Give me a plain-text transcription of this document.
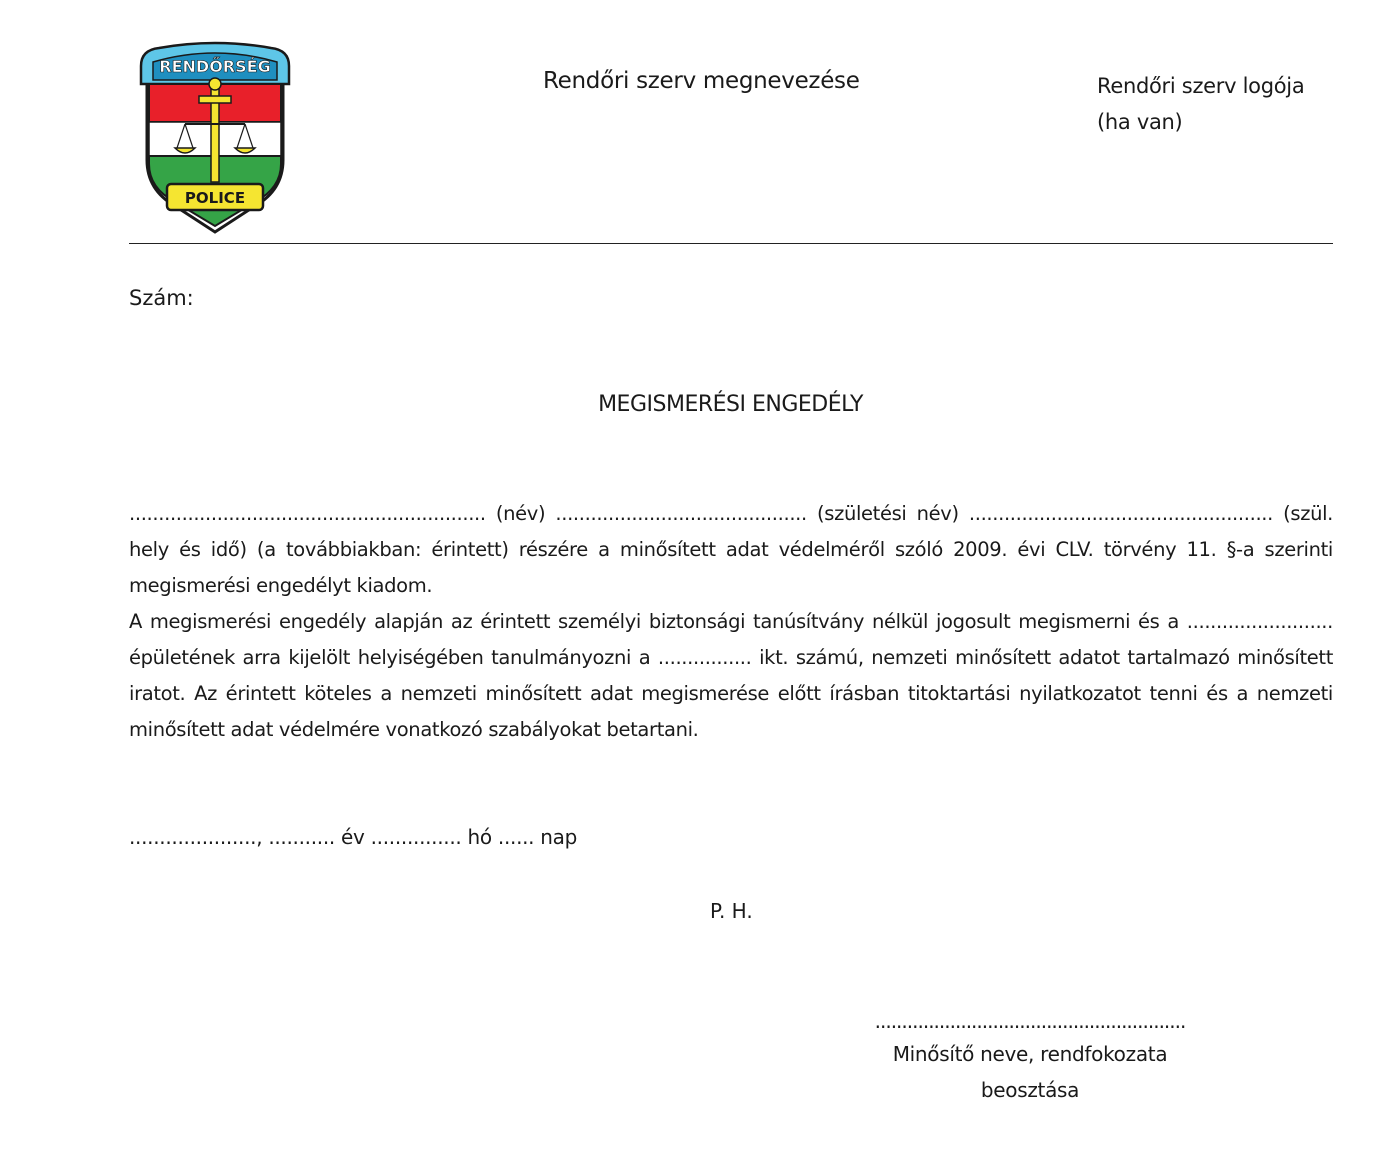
RENDŐRSÉG
POLICE
Rendőri szerv megnevezése	Rendőri szerv logója
(ha van)
Szám:
MEGISMERÉSI ENGEDÉLY

............................................................. (név) ........................................... (születési név) .................................................... (szül. hely és idő) (a továbbiakban: érintett) részére a minősített adat védelméről szóló 2009. évi CLV. törvény 11. §-a szerinti megismerési engedélyt kiadom.

A megismerési engedély alapján az érintett személyi biztonsági tanúsítvány nélkül jogosult megismerni és a ......................... épületének arra kijelölt helyiségében tanulmányozni a ................ ikt. számú, nemzeti minősített adatot tartalmazó minősített iratot. Az érintett köteles a nemzeti minősített adat megismerése előtt írásban titoktartási nyilatkozatot tenni és a nemzeti minősített adat védelmére vonatkozó szabályokat betartani.

....................., ........... év ............... hó ...... nap
P. H.
..........................................................
Minősítő neve, rendfokozata
beosztása
